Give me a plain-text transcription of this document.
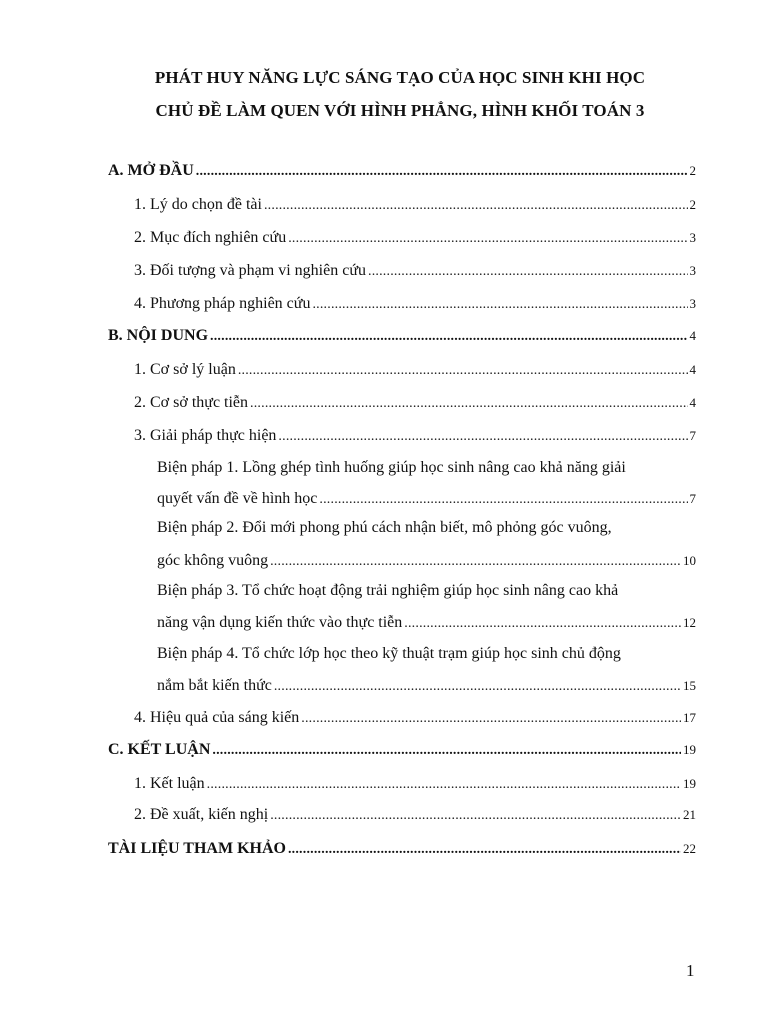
PHÁT HUY NĂNG LỰC SÁNG TẠO CỦA HỌC SINH KHI HỌC
CHỦ ĐỀ LÀM QUEN VỚI HÌNH PHẲNG, HÌNH KHỐI TOÁN 3
A. MỞ ĐẦU .....	2
1. Lý do chọn đề tài .....	2
2. Mục đích nghiên cứu .....	3
3. Đối tượng và phạm vi nghiên cứu .....	3
4. Phương pháp nghiên cứu .....	3
B. NỘI DUNG .....	4
1. Cơ sở lý luận .....	4
2. Cơ sở thực tiễn .....	4
3. Giải pháp thực hiện .....	7
Biện pháp 1. Lồng ghép tình huống giúp học sinh nâng cao khả năng giải
quyết vấn đề về hình học .....	7
Biện pháp 2. Đổi mới phong phú cách nhận biết, mô phỏng góc vuông,
góc không vuông .....	10
Biện pháp 3. Tổ chức hoạt động trải nghiệm giúp học sinh nâng cao khả
năng vận dụng kiến thức vào thực tiễn .....	12
Biện pháp 4. Tổ chức lớp học theo kỹ thuật trạm giúp học sinh chủ động
nắm bắt kiến thức .....	15
4. Hiệu quả của sáng kiến .....	17
C. KẾT LUẬN .....	19
1. Kết luận .....	19
2. Đề xuất, kiến nghị .....	21
TÀI LIỆU THAM KHẢO .....	22
1
